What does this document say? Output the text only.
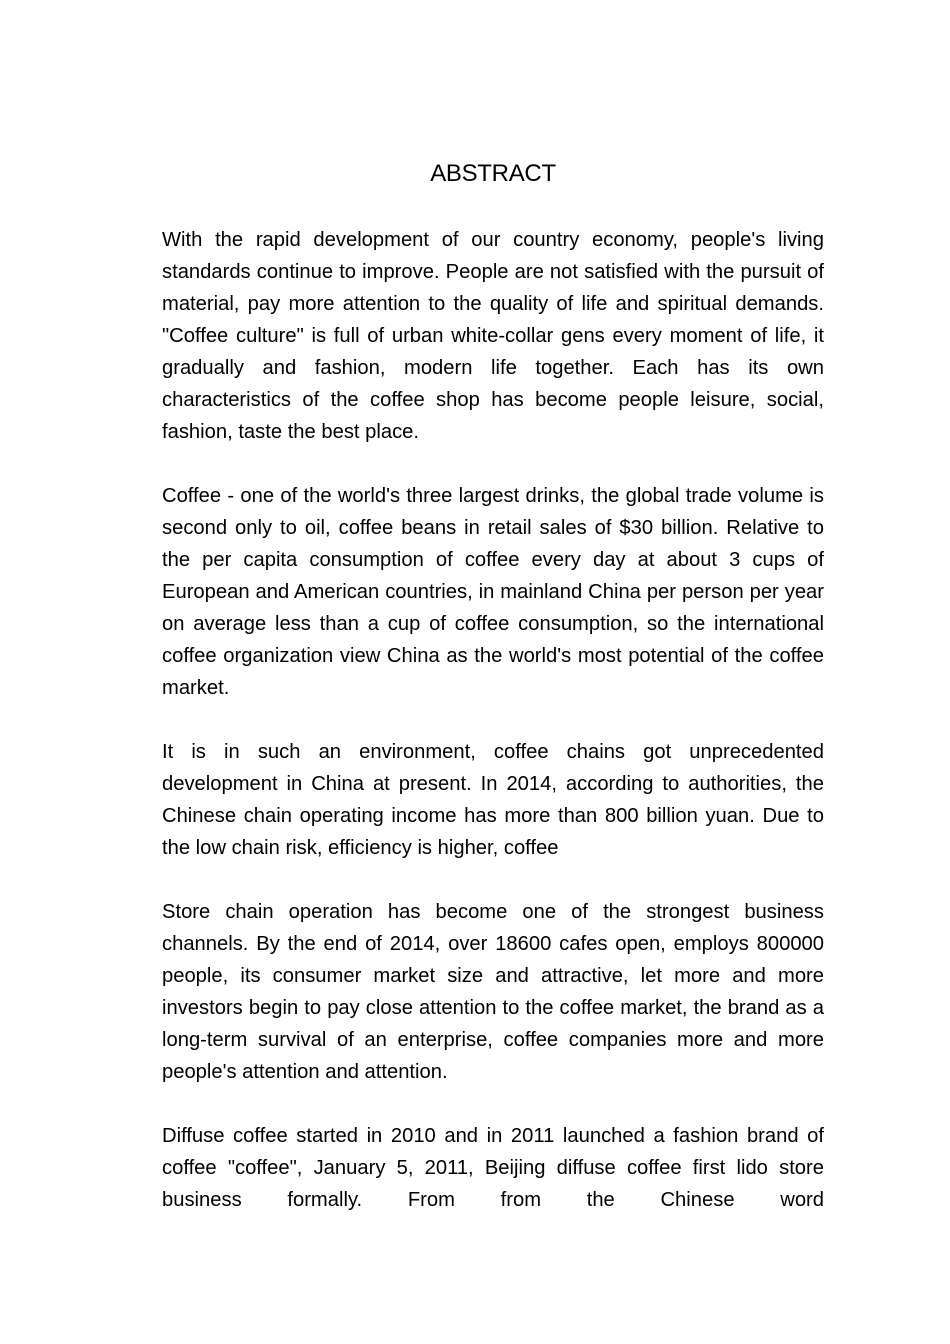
ABSTRACT

With the rapid development of our country economy, people's living standards continue to improve. People are not satisfied with the pursuit of material, pay more attention to the quality of life and spiritual demands. "Coffee culture" is full of urban white-collar gens every moment of life, it gradually and fashion, modern life together. Each has its own characteristics of the coffee shop has become people leisure, social, fashion, taste the best place.

Coffee - one of the world's three largest drinks, the global trade volume is second only to oil, coffee beans in retail sales of $30 billion. Relative to the per capita consumption of coffee every day at about 3 cups of European and American countries, in mainland China per person per year on average less than a cup of coffee consumption, so the international coffee organization view China as the world's most potential of the coffee market.

It is in such an environment, coffee chains got unprecedented development in China at present. In 2014, according to authorities, the Chinese chain operating income has more than 800 billion yuan. Due to the low chain risk, efficiency is higher, coffee

Store chain operation has become one of the strongest business channels. By the end of 2014, over 18600 cafes open, employs 800000 people, its consumer market size and attractive, let more and more investors begin to pay close attention to the coffee market, the brand as a long-term survival of an enterprise, coffee companies more and more people's attention and attention.

Diffuse coffee started in 2010 and in 2011 launched a fashion brand of coffee "coffee", January 5, 2011, Beijing diffuse coffee first lido store business formally. From from the Chinese word
